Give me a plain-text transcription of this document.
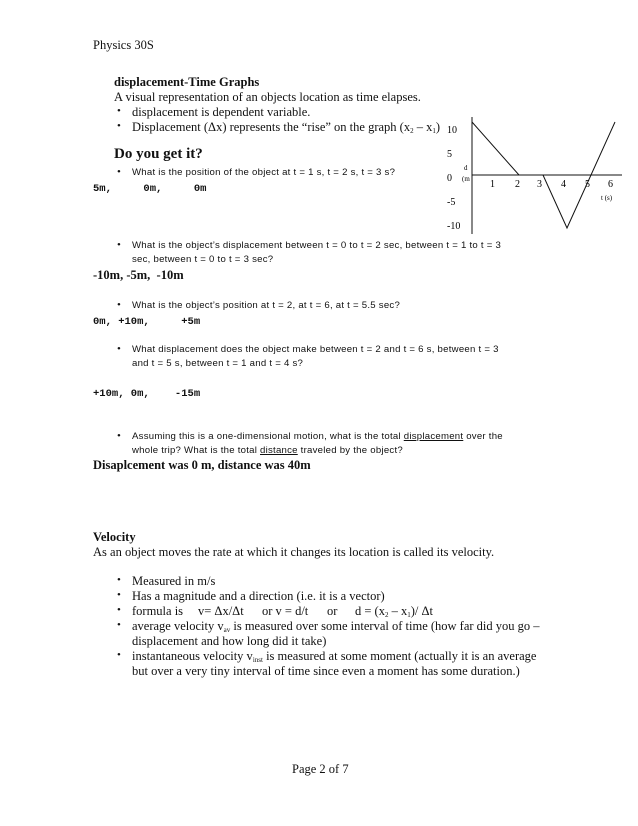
Physics 30S
displacement-Time Graphs
A visual representation of an objects location as time elapses.
• displacement is dependent variable.
• Displacement (Δx) represents the “rise” on the graph $(x_2 - x_1)$ 10
5
0
-5
-10
d
(m 1 2 3 4 5 6
t (s)
Do you get it?
• What is the position of the object at t = 1 s, t = 2 s, t = 3 s?
5m,     0m,     0m
• What is the object’s displacement between t = 0 to t = 2 sec, between t = 1 to t = 3
sec, between t = 0 to t = 3 sec?
-10m, -5m,  -10m
• What is the object’s position at t = 2, at t = 6, at t = 5.5 sec?
0m, +10m,     +5m
• What displacement does the object make between t = 2 and t = 6 s, between t = 3
and t = 5 s, between t = 1 and t = 4 s?
+10m, 0m,    -15m
• Assuming this is a one-dimensional motion, what is the total displacement over the
whole trip? What is the total distance traveled by the object?
Disaplcement was 0 m, distance was 40m
Velocity
As an object moves the rate at which it changes its location is called its velocity.
• Measured in m/s
• Has a magnitude and a direction (i.e. it is a vector)
• formula is v= Δx/Δt or v = d/t or $d = (x_2 - x_1)/$ Δt
• average velocity $v_{av}$ is measured over some interval of time (how far did you go –
displacement and how long did it take)
• instantaneous velocity $v_{inst}$ is measured at some moment (actually it is an average
but over a very tiny interval of time since even a moment has some duration.)
Page 2 of 7
